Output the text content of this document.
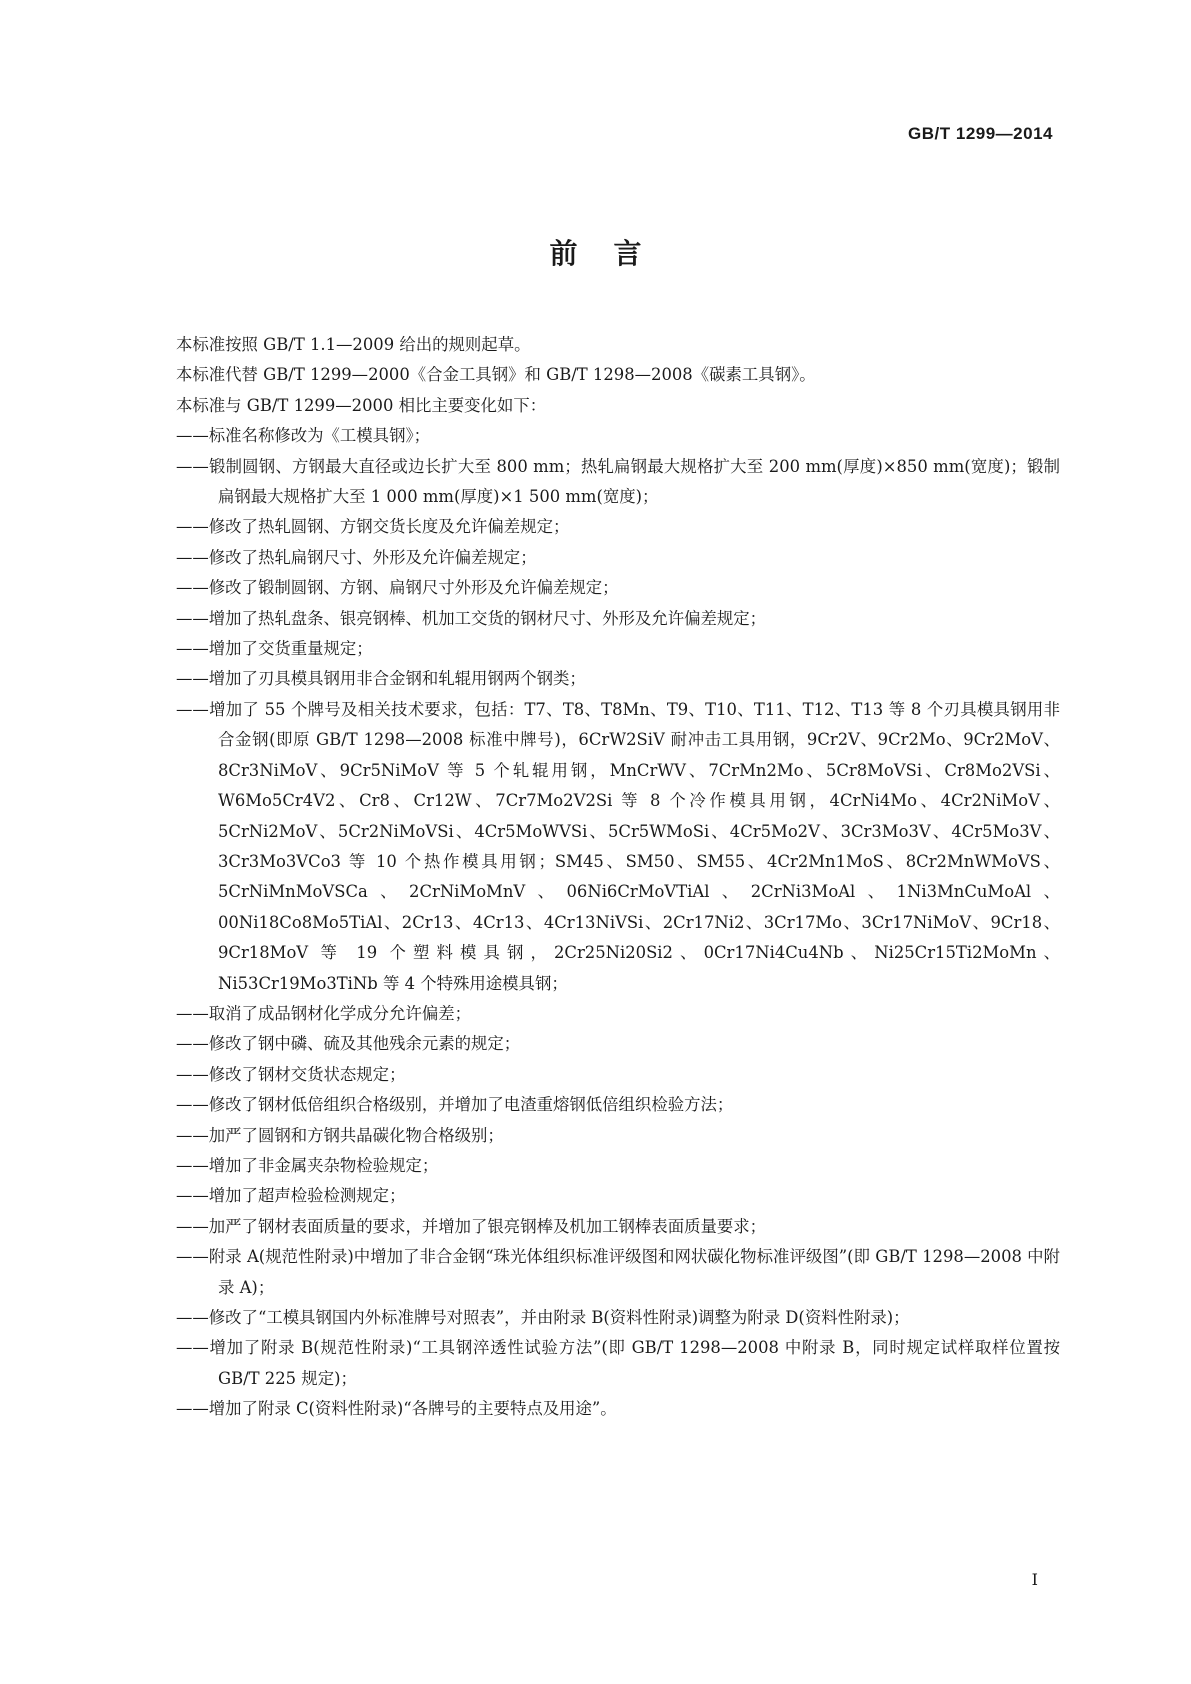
GB/T 1299—2014
前言

本标准按照 GB/T 1.1—2009 给出的规则起草。

本标准代替 GB/T 1299—2000《合金工具钢》和 GB/T 1298—2008《碳素工具钢》。

本标准与 GB/T 1299—2000 相比主要变化如下：

——标准名称修改为《工模具钢》；

——锻制圆钢、方钢最大直径或边长扩大至 800 mm；热轧扁钢最大规格扩大至 200 mm(厚度)×850 mm(宽度)；锻制扁钢最大规格扩大至 1 000 mm(厚度)×1 500 mm(宽度)；

——修改了热轧圆钢、方钢交货长度及允许偏差规定；

——修改了热轧扁钢尺寸、外形及允许偏差规定；

——修改了锻制圆钢、方钢、扁钢尺寸外形及允许偏差规定；

——增加了热轧盘条、银亮钢棒、机加工交货的钢材尺寸、外形及允许偏差规定；

——增加了交货重量规定；

——增加了刃具模具钢用非合金钢和轧辊用钢两个钢类；

——增加了 55 个牌号及相关技术要求，包括：T7、T8、T8Mn、T9、T10、T11、T12、T13 等 8 个刃具模具钢用非合金钢(即原 GB/T 1298—2008 标准中牌号)，6CrW2SiV 耐冲击工具用钢，9Cr2V、9Cr2Mo、9Cr2MoV、8Cr3NiMoV、9Cr5NiMoV 等 5 个轧辊用钢，MnCrWV、7CrMn2Mo、5Cr8MoVSi、Cr8Mo2VSi、W6Mo5Cr4V2、Cr8、Cr12W、7Cr7Mo2V2Si 等 8 个冷作模具用钢，4CrNi4Mo、4Cr2NiMoV、5CrNi2MoV、5Cr2NiMoVSi、4Cr5MoWVSi、5Cr5WMoSi、4Cr5Mo2V、3Cr3Mo3V、4Cr5Mo3V、3Cr3Mo3VCo3 等 10 个热作模具用钢；SM45、SM50、SM55、4Cr2Mn1MoS、8Cr2MnWMoVS、5CrNiMnMoVSCa、2CrNiMoMnV、06Ni6CrMoVTiAl、2CrNi3MoAl、1Ni3MnCuMoAl、00Ni18Co8Mo5TiAl、2Cr13、4Cr13、4Cr13NiVSi、2Cr17Ni2、3Cr17Mo、3Cr17NiMoV、9Cr18、9Cr18MoV 等 19 个塑料模具钢，2Cr25Ni20Si2、0Cr17Ni4Cu4Nb、Ni25Cr15Ti2MoMn、Ni53Cr19Mo3TiNb 等 4 个特殊用途模具钢；

——取消了成品钢材化学成分允许偏差；

——修改了钢中磷、硫及其他残余元素的规定；

——修改了钢材交货状态规定；

——修改了钢材低倍组织合格级别，并增加了电渣重熔钢低倍组织检验方法；

——加严了圆钢和方钢共晶碳化物合格级别；

——增加了非金属夹杂物检验规定；

——增加了超声检验检测规定；

——加严了钢材表面质量的要求，并增加了银亮钢棒及机加工钢棒表面质量要求；

——附录 A(规范性附录)中增加了非合金钢“珠光体组织标准评级图和网状碳化物标准评级图”(即 GB/T 1298—2008 中附录 A)；

——修改了“工模具钢国内外标准牌号对照表”，并由附录 B(资料性附录)调整为附录 D(资料性附录)；

——增加了附录 B(规范性附录)“工具钢淬透性试验方法”(即 GB/T 1298—2008 中附录 B，同时规定试样取样位置按 GB/T 225 规定)；

——增加了附录 C(资料性附录)“各牌号的主要特点及用途”。

I
